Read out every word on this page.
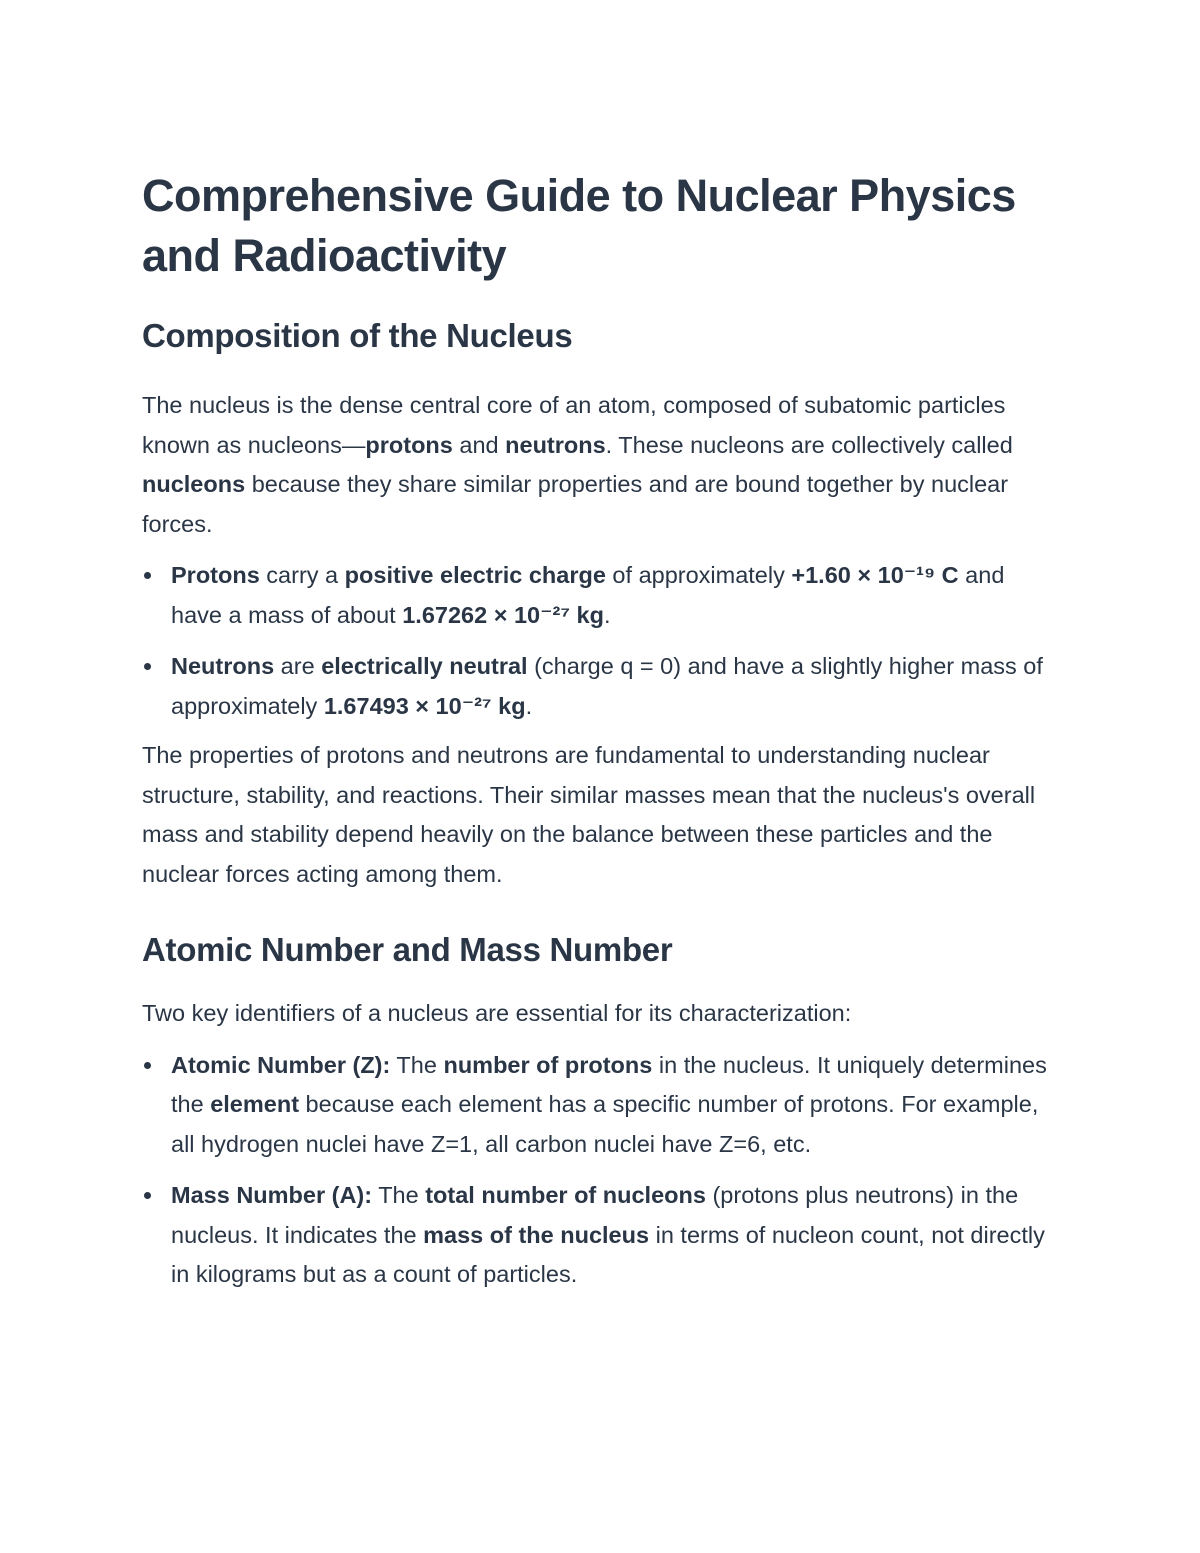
Comprehensive Guide to Nuclear Physics and Radioactivity
Composition of the Nucleus

The nucleus is the dense central core of an atom, composed of subatomic particles known as nucleons—protons and neutrons. These nucleons are collectively called nucleons because they share similar properties and are bound together by nuclear forces.

Protons carry a positive electric charge of approximately +1.60 × 10⁻¹⁹ C and have a mass of about 1.67262 × 10⁻²⁷ kg.
Neutrons are electrically neutral (charge q = 0) and have a slightly higher mass of approximately 1.67493 × 10⁻²⁷ kg.

The properties of protons and neutrons are fundamental to understanding nuclear structure, stability, and reactions. Their similar masses mean that the nucleus's overall mass and stability depend heavily on the balance between these particles and the nuclear forces acting among them.

Atomic Number and Mass Number

Two key identifiers of a nucleus are essential for its characterization:

Atomic Number (Z): The number of protons in the nucleus. It uniquely determines the element because each element has a specific number of protons. For example, all hydrogen nuclei have Z=1, all carbon nuclei have Z=6, etc.
Mass Number (A): The total number of nucleons (protons plus neutrons) in the nucleus. It indicates the mass of the nucleus in terms of nucleon count, not directly in kilograms but as a count of particles.
